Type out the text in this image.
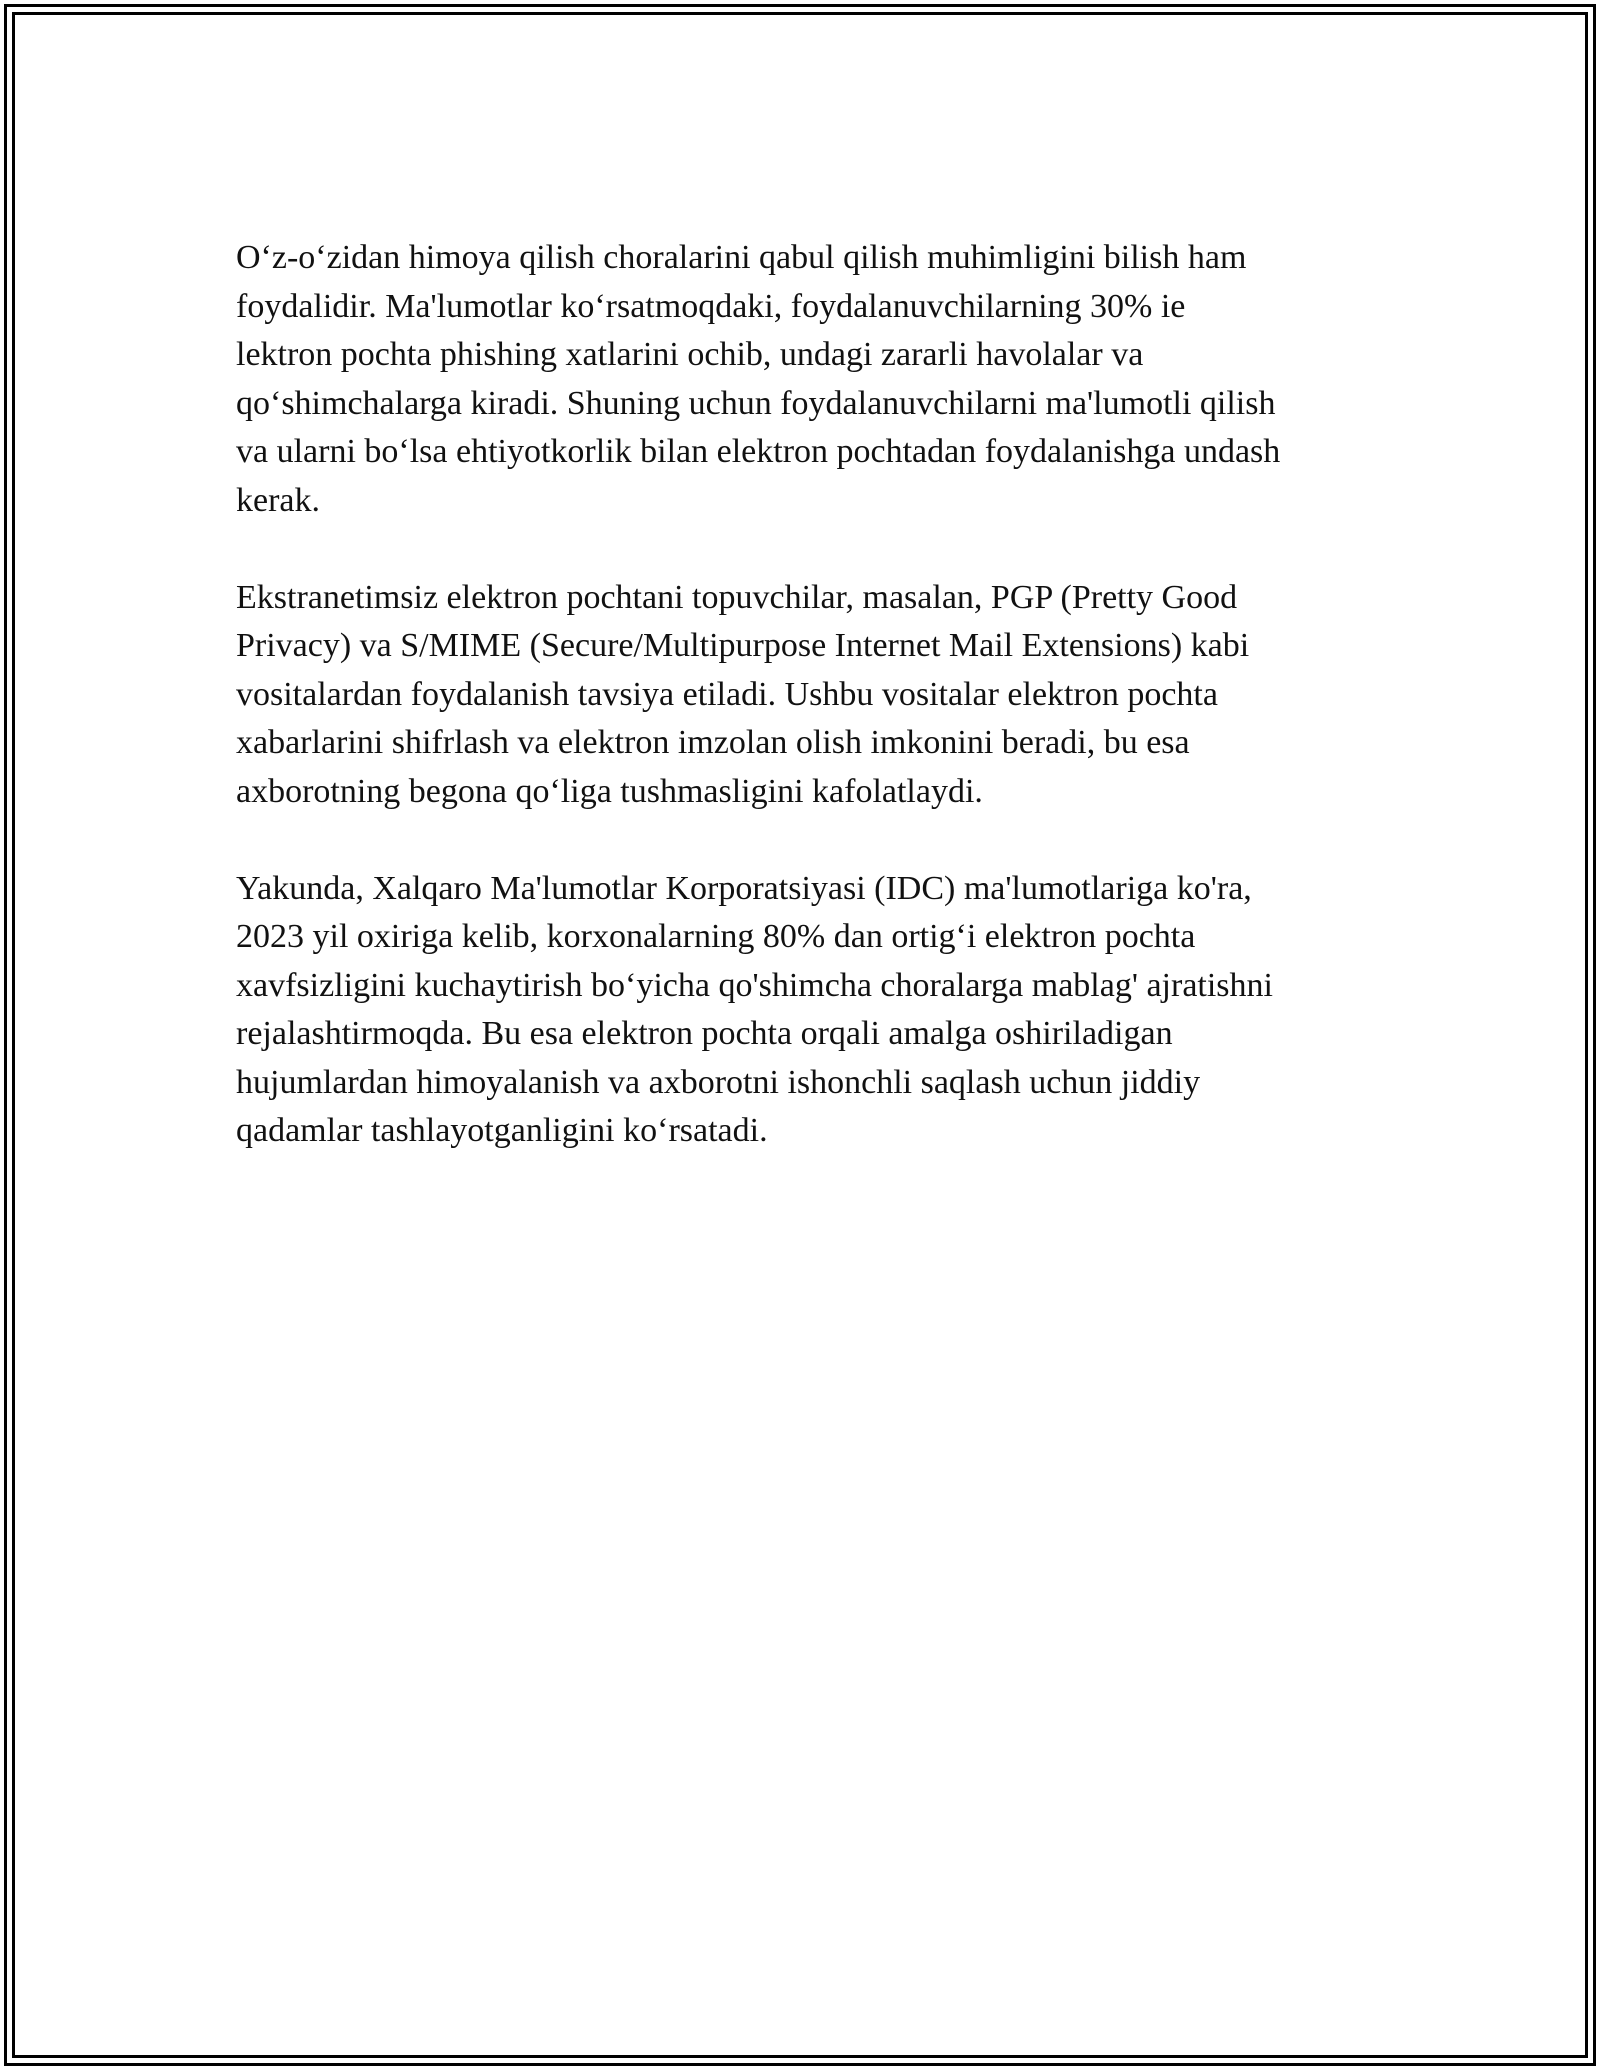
O‘z-o‘zidan himoya qilish choralarini qabul qilish muhimligini bilish ham
foydalidir. Ma'lumotlar ko‘rsatmoqdaki, foydalanuvchilarning 30% ie
lektron pochta phishing xatlarini ochib, undagi zararli havolalar va
qo‘shimchalarga kiradi. Shuning uchun foydalanuvchilarni ma'lumotli qilish
va ularni bo‘lsa ehtiyotkorlik bilan elektron pochtadan foydalanishga undash
kerak.

Ekstranetimsiz elektron pochtani topuvchilar, masalan, PGP (Pretty Good
Privacy) va S/MIME (Secure/Multipurpose Internet Mail Extensions) kabi
vositalardan foydalanish tavsiya etiladi. Ushbu vositalar elektron pochta
xabarlarini shifrlash va elektron imzolan olish imkonini beradi, bu esa
axborotning begona qo‘liga tushmasligini kafolatlaydi.

Yakunda, Xalqaro Ma'lumotlar Korporatsiyasi (IDC) ma'lumotlariga ko'ra,
2023 yil oxiriga kelib, korxonalarning 80% dan ortig‘i elektron pochta
xavfsizligini kuchaytirish bo‘yicha qo'shimcha choralarga mablag' ajratishni
rejalashtirmoqda. Bu esa elektron pochta orqali amalga oshiriladigan
hujumlardan himoyalanish va axborotni ishonchli saqlash uchun jiddiy
qadamlar tashlayotganligini ko‘rsatadi.
